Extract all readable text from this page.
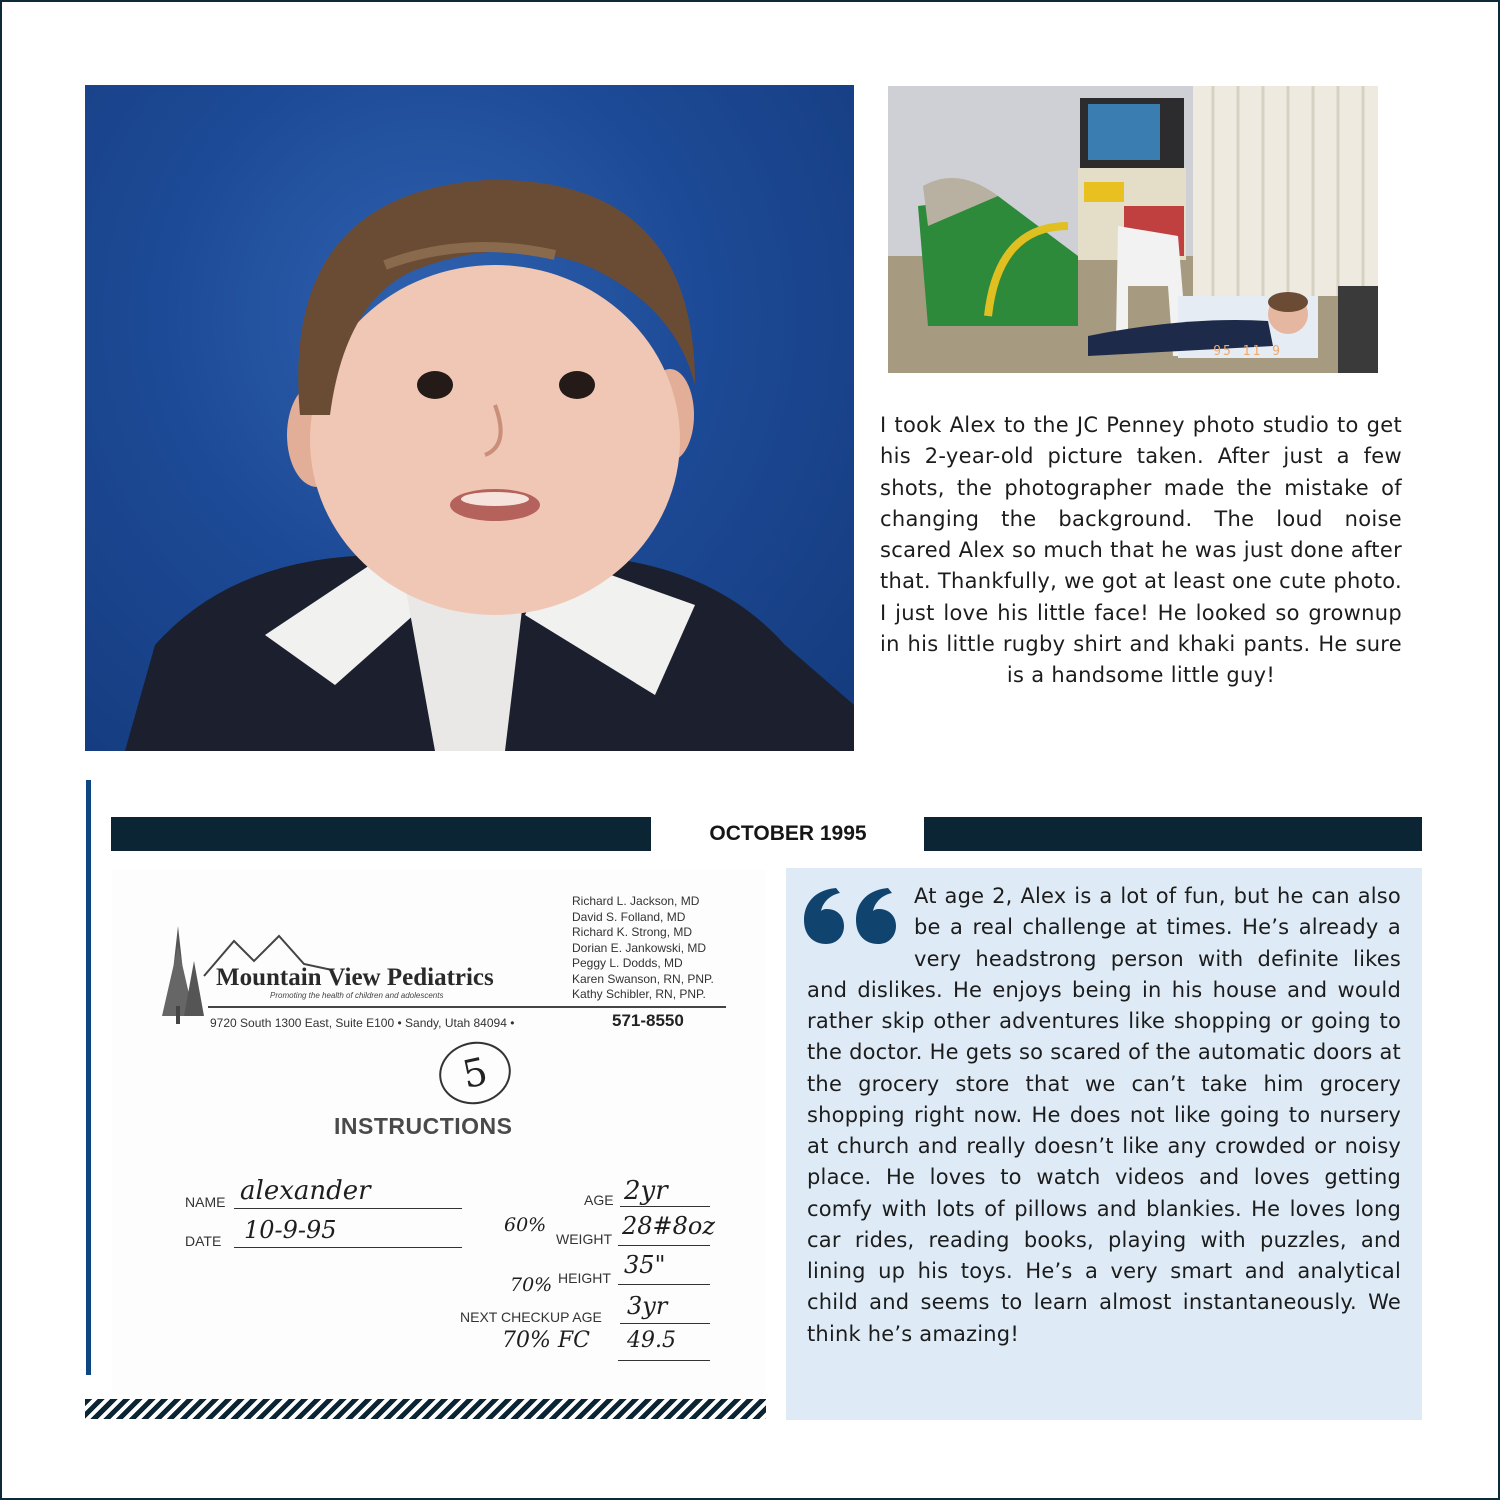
95 11 9
I took Alex to the JC Penney photo studio to get his 2-year-old picture taken. After just a few shots, the photographer made the mistake of changing the background. The loud noise scared Alex so much that he was just done after that. Thankfully, we got at least one cute photo. I just love his little face! He looked so grownup in his little rugby shirt and khaki pants. He sure is a handsome little guy!
OCTOBER 1995
Mountain View Pediatrics
Promoting the health of children and adolescents
Richard L. Jackson, MD
David S. Folland, MD
Richard K. Strong, MD
Dorian E. Jankowski, MD
Peggy L. Dodds, MD
Karen Swanson, RN, PNP.
Kathy Schibler, RN, PNP.
9720 South 1300 East, Suite E100 • Sandy, Utah 84094 •	571-8550
5
INSTRUCTIONS
NAME alexander
DATE 10-9-95
AGE 2yr
60%
WEIGHT 28#8oz
70% HEIGHT 35"
NEXT CHECKUP AGE 3yr
70% FC 49.5

At age 2, Alex is a lot of fun, but he can also be a real challenge at times. He’s already a very headstrong person with definite likes and dislikes. He enjoys being in his house and would rather skip other adventures like shopping or going to the doctor. He gets so scared of the automatic doors at the grocery store that we can’t take him grocery shopping right now. He does not like going to nursery at church and really doesn’t like any crowded or noisy place. He loves to watch videos and loves getting comfy with lots of pillows and blankies. He loves long car rides, reading books, playing with puzzles, and lining up his toys. He’s a very smart and analytical child and seems to learn almost instantaneously. We think he’s amazing!
